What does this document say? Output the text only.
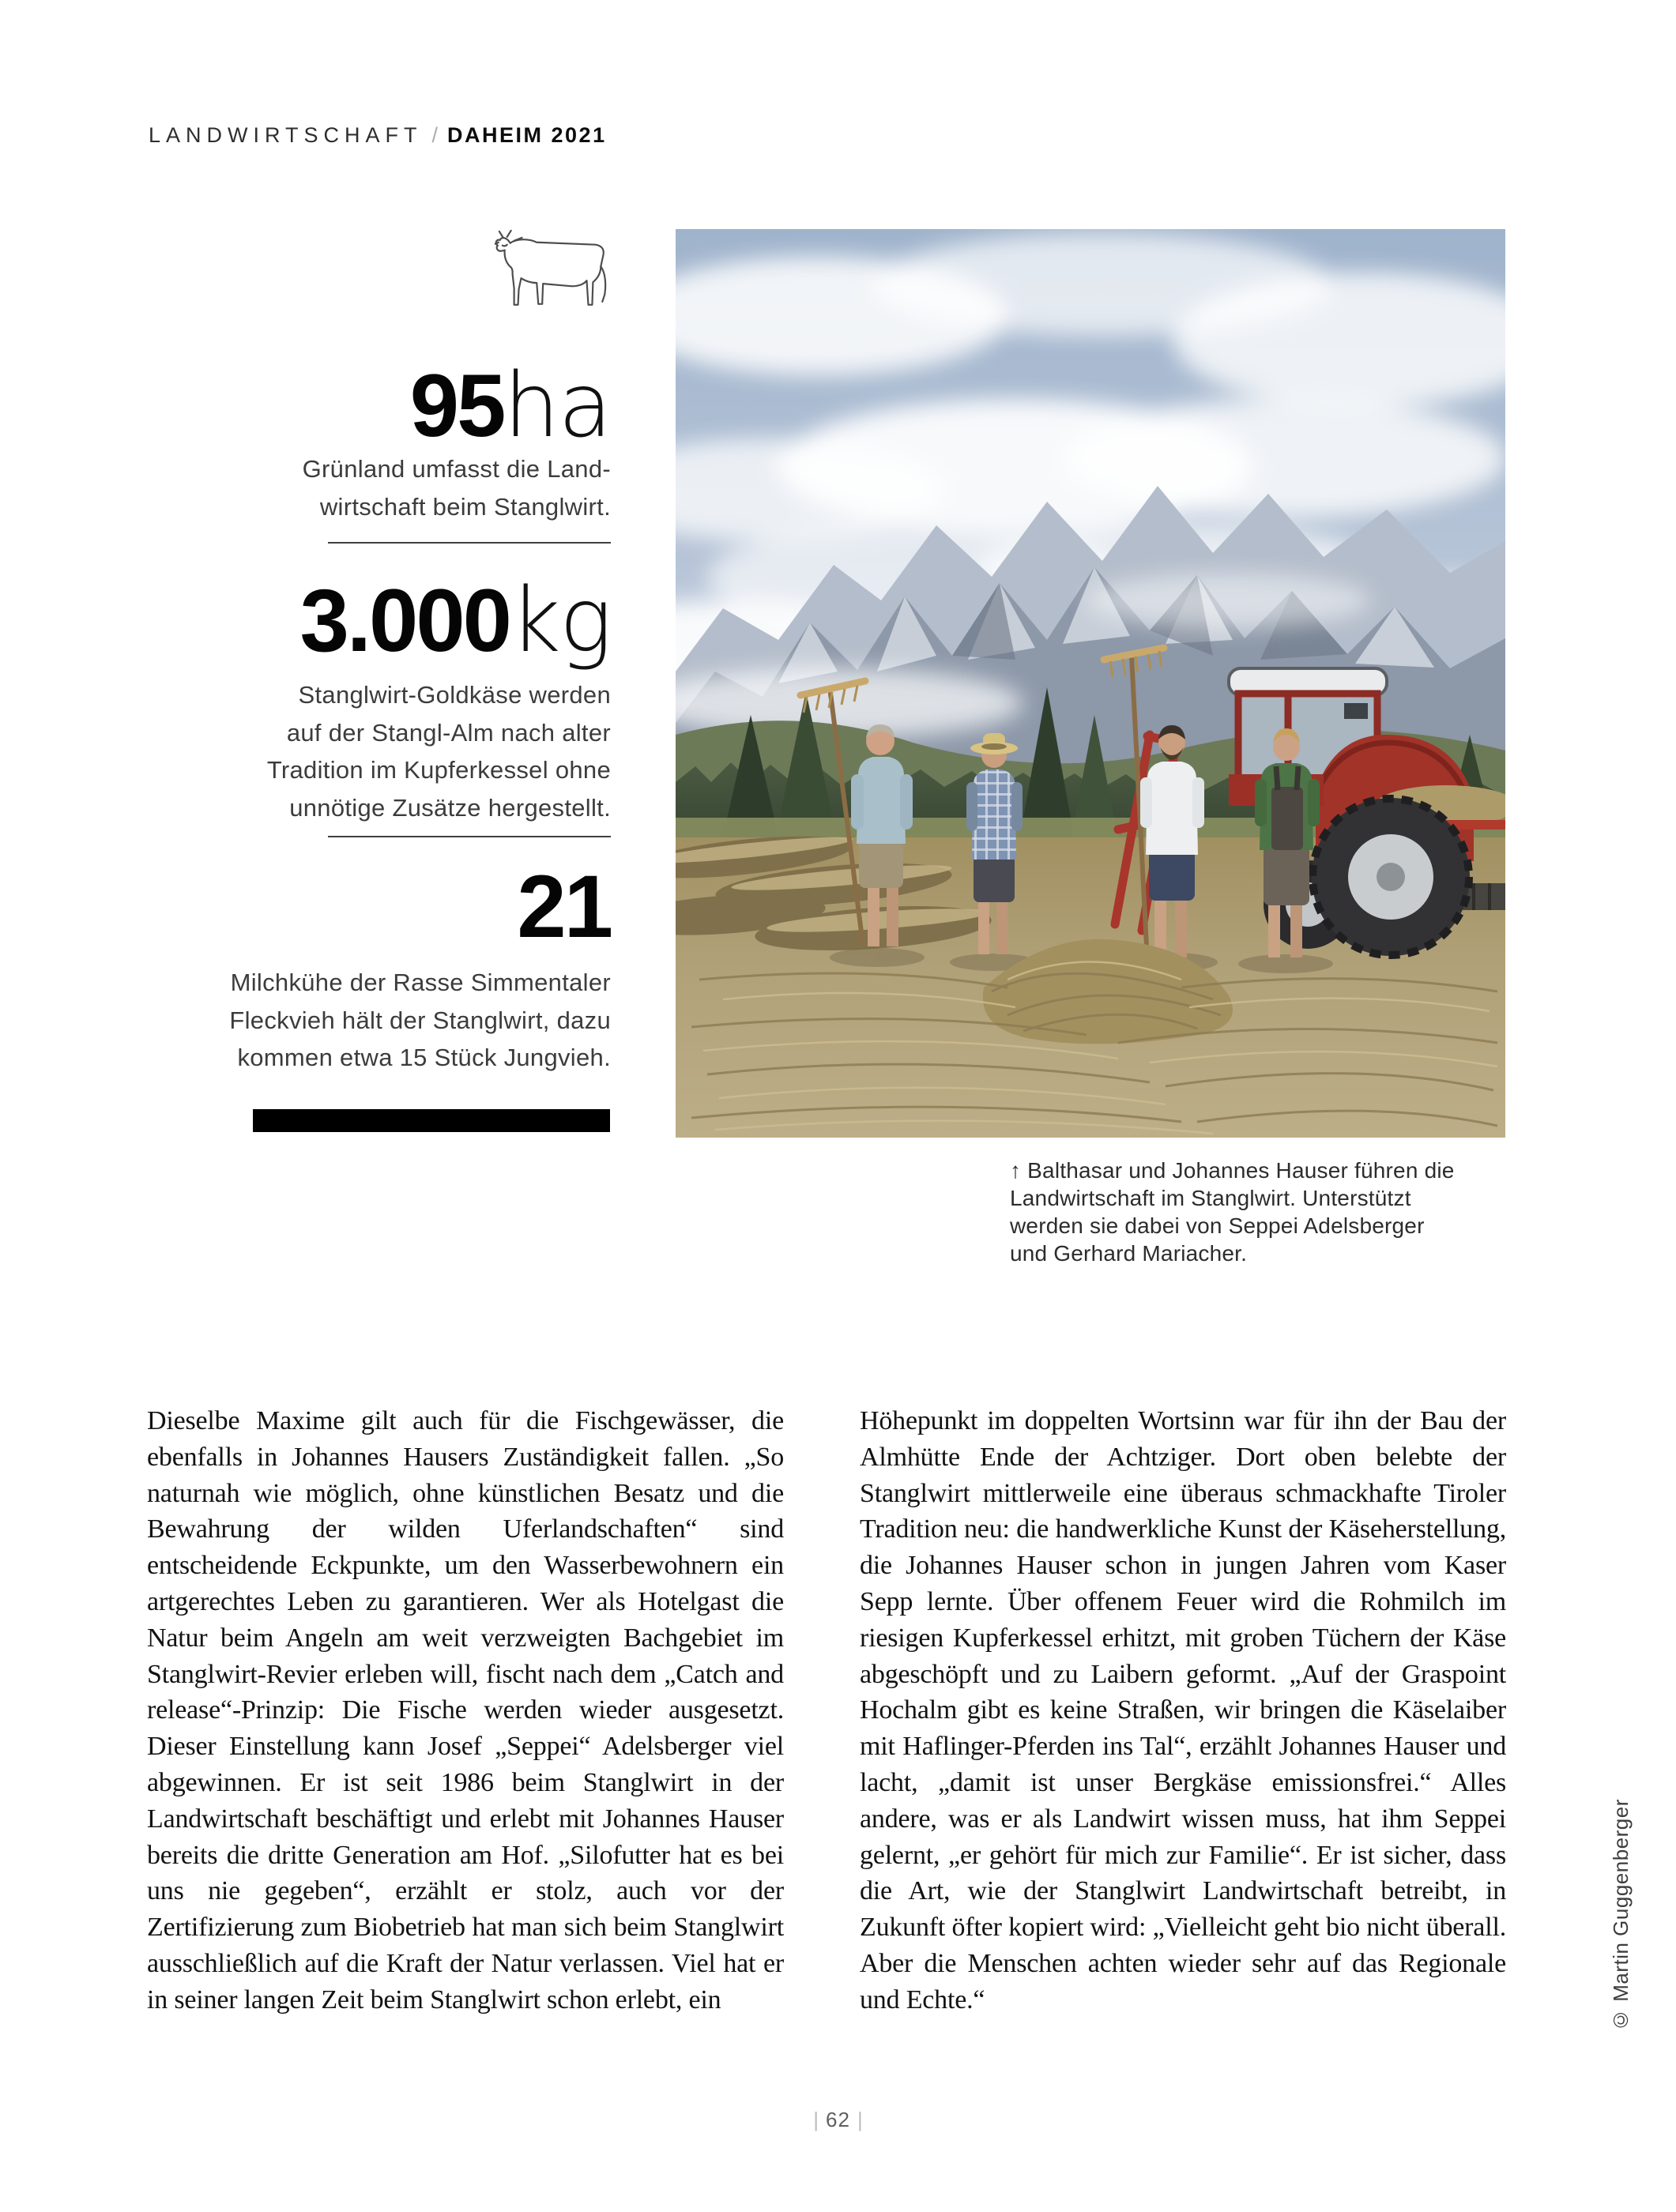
LANDWIRTSCHAFT / DAHEIM 2021
95ha
Grünland umfasst die Land-
wirtschaft beim Stanglwirt.
3.000kg
Stanglwirt-Goldkäse werden
auf der Stangl-Alm nach alter
Tradition im Kupferkessel ohne
unnötige Zusätze hergestellt.
21
Milchkühe der Rasse Simmentaler
Fleckvieh hält der Stanglwirt, dazu
kommen etwa 15 Stück Jungvieh.
↑ Balthasar und Johannes Hauser führen die
Landwirtschaft im Stanglwirt. Unterstützt
werden sie dabei von Seppei Adelsberger
und Gerhard Mariacher.
Dieselbe Maxime gilt auch für die Fischgewässer, die ebenfalls in Johannes Hausers Zuständigkeit fallen. „So naturnah wie möglich, ohne künstlichen Besatz und die Bewahrung der wilden Uferlandschaften“ sind entscheidende Eckpunkte, um den Wasserbewohnern ein artgerechtes Leben zu garantieren. Wer als Hotelgast die Natur beim Angeln am weit verzweigten Bachgebiet im Stanglwirt-Revier erleben will, fischt nach dem „Catch and release“-Prinzip: Die Fische werden wieder ausgesetzt. Dieser Einstellung kann Josef „Seppei“ Adelsberger viel abgewinnen. Er ist seit 1986 beim Stanglwirt in der Landwirtschaft beschäftigt und erlebt mit Johannes Hauser bereits die dritte Generation am Hof. „Silofutter hat es bei uns nie gegeben“, erzählt er stolz, auch vor der Zertifizierung zum Biobetrieb hat man sich beim Stanglwirt ausschließlich auf die Kraft der Natur verlassen. Viel hat er in seiner langen Zeit beim Stanglwirt schon erlebt, ein
Höhepunkt im doppelten Wortsinn war für ihn der Bau der Almhütte Ende der Achtziger. Dort oben belebte der Stanglwirt mittlerweile eine überaus schmackhafte Tiroler Tradition neu: die handwerkliche Kunst der Käseherstellung, die Johannes Hauser schon in jungen Jahren vom Kaser Sepp lernte. Über offenem Feuer wird die Rohmilch im riesigen Kupferkessel erhitzt, mit groben Tüchern der Käse abgeschöpft und zu Laibern geformt. „Auf der Graspoint Hochalm gibt es keine Straßen, wir bringen die Käselaiber mit Haflinger-Pferden ins Tal“, erzählt Johannes Hauser und lacht, „damit ist unser Bergkäse emissionsfrei.“ Alles andere, was er als Landwirt wissen muss, hat ihm Seppei gelernt, „er gehört für mich zur Familie“. Er ist sicher, dass die Art, wie der Stanglwirt Landwirtschaft betreibt, in Zukunft öfter kopiert wird: „Vielleicht geht bio nicht überall. Aber die Menschen achten wieder sehr auf das Regionale und Echte.“	© Martin Guggenberger
| 62 |
